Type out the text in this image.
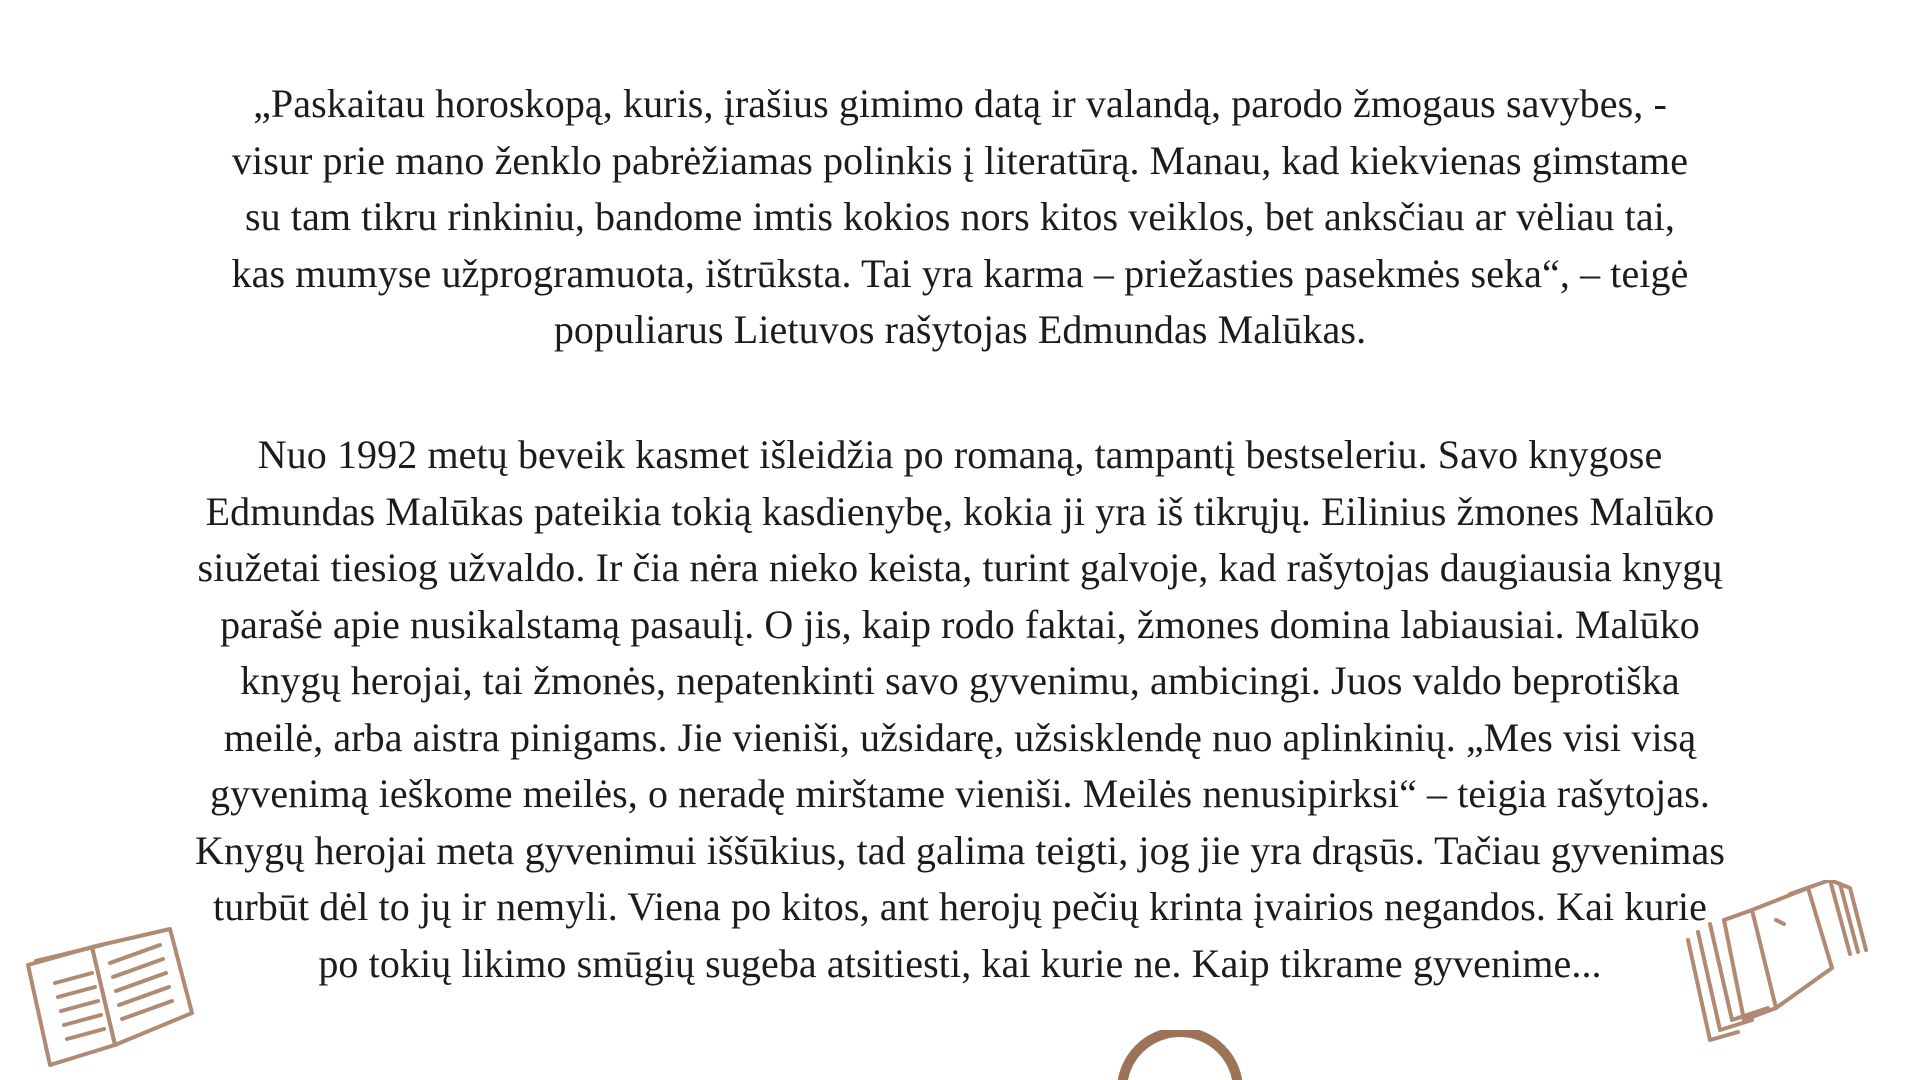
„Paskaitau horoskopą, kuris, įrašius gimimo datą ir valandą, parodo žmogaus savybes, -
visur prie mano ženklo pabrėžiamas polinkis į literatūrą. Manau, kad kiekvienas gimstame
su tam tikru rinkiniu, bandome imtis kokios nors kitos veiklos, bet anksčiau ar vėliau tai,
kas mumyse užprogramuota, ištrūksta. Tai yra karma – priežasties pasekmės seka“, – teigė
populiarus Lietuvos rašytojas Edmundas Malūkas.

Nuo 1992 metų beveik kasmet išleidžia po romaną, tampantį bestseleriu. Savo knygose
Edmundas Malūkas pateikia tokią kasdienybę, kokia ji yra iš tikrųjų. Eilinius žmones Malūko
siužetai tiesiog užvaldo. Ir čia nėra nieko keista, turint galvoje, kad rašytojas daugiausia knygų
parašė apie nusikalstamą pasaulį. O jis, kaip rodo faktai, žmones domina labiausiai. Malūko
knygų herojai, tai žmonės, nepatenkinti savo gyvenimu, ambicingi. Juos valdo beprotiška
meilė, arba aistra pinigams. Jie vieniši, užsidarę, užsisklendę nuo aplinkinių. „Mes visi visą
gyvenimą ieškome meilės, o neradę mirštame vieniši. Meilės nenusipirksi“ – teigia rašytojas.
Knygų herojai meta gyvenimui iššūkius, tad galima teigti, jog jie yra drąsūs. Tačiau gyvenimas
turbūt dėl to jų ir nemyli. Viena po kitos, ant herojų pečių krinta įvairios negandos. Kai kurie
po tokių likimo smūgių sugeba atsitiesti, kai kurie ne. Kaip tikrame gyvenime...
